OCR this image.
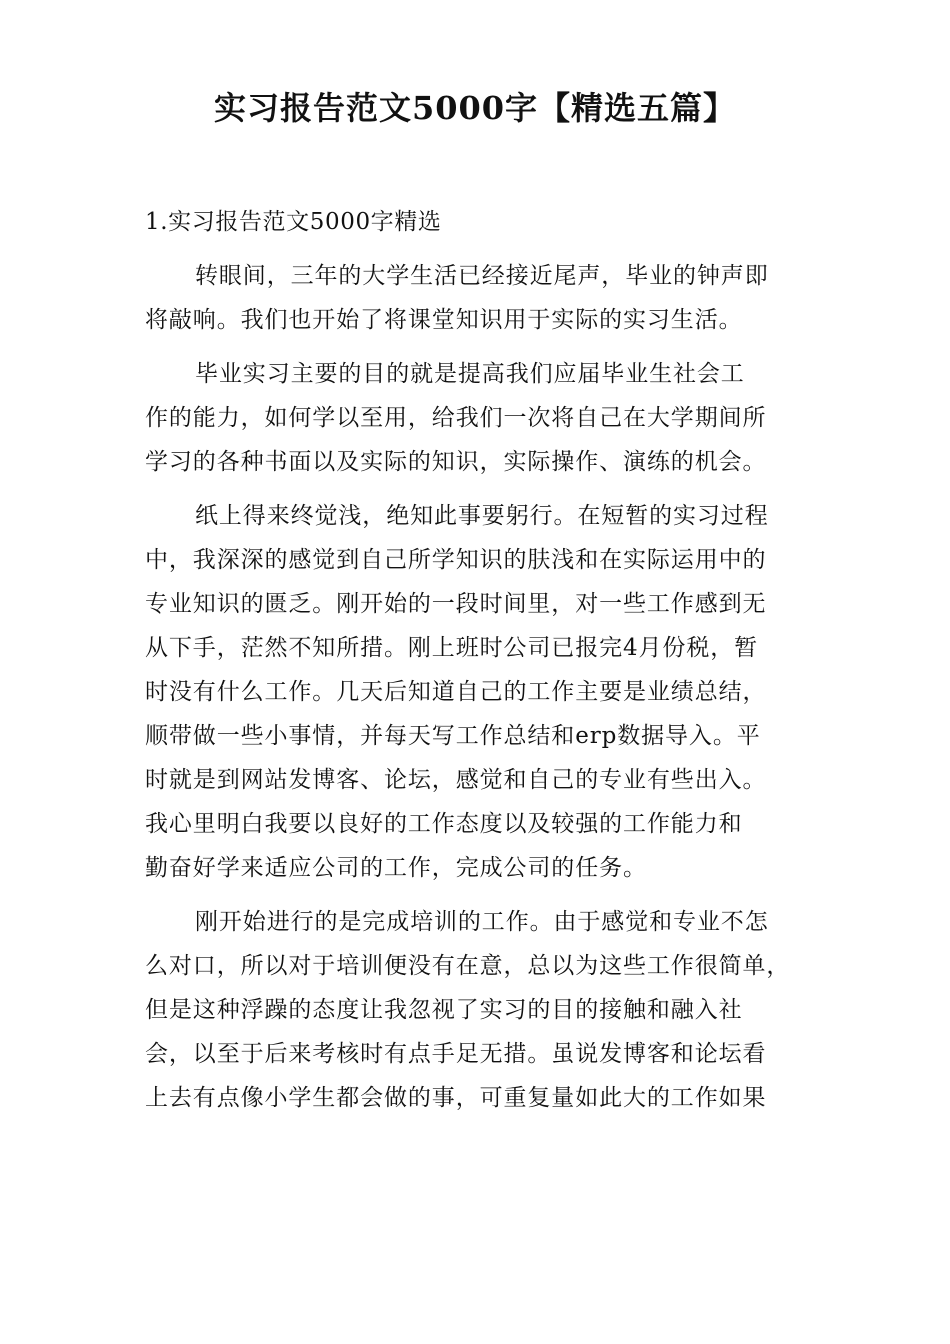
实习报告范文5000字【精选五篇】
1.实习报告范文5000字精选
转眼间，三年的大学生活已经接近尾声，毕业的钟声即
将敲响。我们也开始了将课堂知识用于实际的实习生活。
毕业实习主要的目的就是提高我们应届毕业生社会工
作的能力，如何学以至用，给我们一次将自己在大学期间所
学习的各种书面以及实际的知识，实际操作、演练的机会。
纸上得来终觉浅，绝知此事要躬行。在短暂的实习过程
中，我深深的感觉到自己所学知识的肤浅和在实际运用中的
专业知识的匮乏。刚开始的一段时间里，对一些工作感到无
从下手，茫然不知所措。刚上班时公司已报完4月份税，暂
时没有什么工作。几天后知道自己的工作主要是业绩总结，
顺带做一些小事情，并每天写工作总结和erp数据导入。平
时就是到网站发博客、论坛，感觉和自己的专业有些出入。
我心里明白我要以良好的工作态度以及较强的工作能力和
勤奋好学来适应公司的工作，完成公司的任务。
刚开始进行的是完成培训的工作。由于感觉和专业不怎
么对口，所以对于培训便没有在意，总以为这些工作很简单，
但是这种浮躁的态度让我忽视了实习的目的接触和融入社
会，以至于后来考核时有点手足无措。虽说发博客和论坛看
上去有点像小学生都会做的事，可重复量如此大的工作如果
